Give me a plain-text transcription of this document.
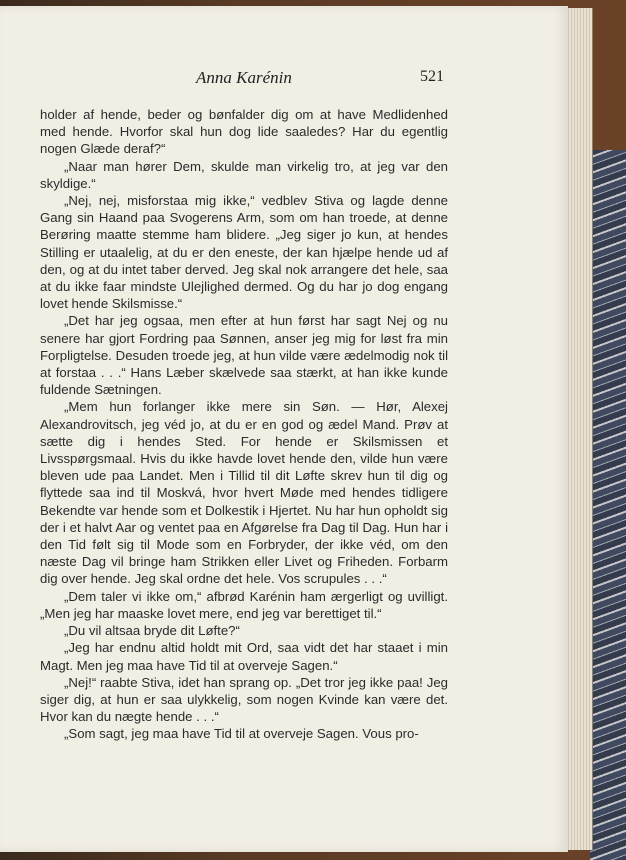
Anna Karénin	521

holder af hende, beder og bønfalder dig om at have Medlidenhed med hende. Hvorfor skal hun dog lide saaledes? Har du egentlig nogen Glæde deraf?“

„Naar man hører Dem, skulde man virkelig tro, at jeg var den skyldige.“

„Nej, nej, misforstaa mig ikke,“ vedblev Stiva og lagde denne Gang sin Haand paa Svogerens Arm, som om han troede, at denne Berøring maatte stemme ham blidere. „Jeg siger jo kun, at hendes Stilling er utaalelig, at du er den eneste, der kan hjælpe hende ud af den, og at du intet taber derved. Jeg skal nok arrangere det hele, saa at du ikke faar mindste Ulejlighed dermed. Og du har jo dog engang lovet hende Skilsmisse.“

„Det har jeg ogsaa, men efter at hun først har sagt Nej og nu senere har gjort Fordring paa Sønnen, anser jeg mig for løst fra min Forpligtelse. Desuden troede jeg, at hun vilde være ædelmodig nok til at forstaa . . .“ Hans Læber skælvede saa stærkt, at han ikke kunde fuldende Sætningen.

„Mem hun forlanger ikke mere sin Søn. — Hør, Alexej Alexandrovitsch, jeg véd jo, at du er en god og ædel Mand. Prøv at sætte dig i hendes Sted. For hende er Skilsmissen et Livsspørgsmaal. Hvis du ikke havde lovet hende den, vilde hun være bleven ude paa Landet. Men i Tillid til dit Løfte skrev hun til dig og flyttede saa ind til Moskvá, hvor hvert Møde med hendes tidligere Bekendte var hende som et Dolkestik i Hjertet. Nu har hun opholdt sig der i et halvt Aar og ventet paa en Afgørelse fra Dag til Dag. Hun har i den Tid følt sig til Mode som en Forbryder, der ikke véd, om den næste Dag vil bringe ham Strikken eller Livet og Friheden. Forbarm dig over hende. Jeg skal ordne det hele. Vos scrupules . . .“

„Dem taler vi ikke om,“ afbrød Karénin ham ærgerligt og uvilligt. „Men jeg har maaske lovet mere, end jeg var berettiget til.“

„Du vil altsaa bryde dit Løfte?“

„Jeg har endnu altid holdt mit Ord, saa vidt det har staaet i min Magt. Men jeg maa have Tid til at overveje Sagen.“

„Nej!“ raabte Stiva, idet han sprang op. „Det tror jeg ikke paa! Jeg siger dig, at hun er saa ulykkelig, som nogen Kvinde kan være det. Hvor kan du nægte hende . . .“

„Som sagt, jeg maa have Tid til at overveje Sagen. Vous pro-
